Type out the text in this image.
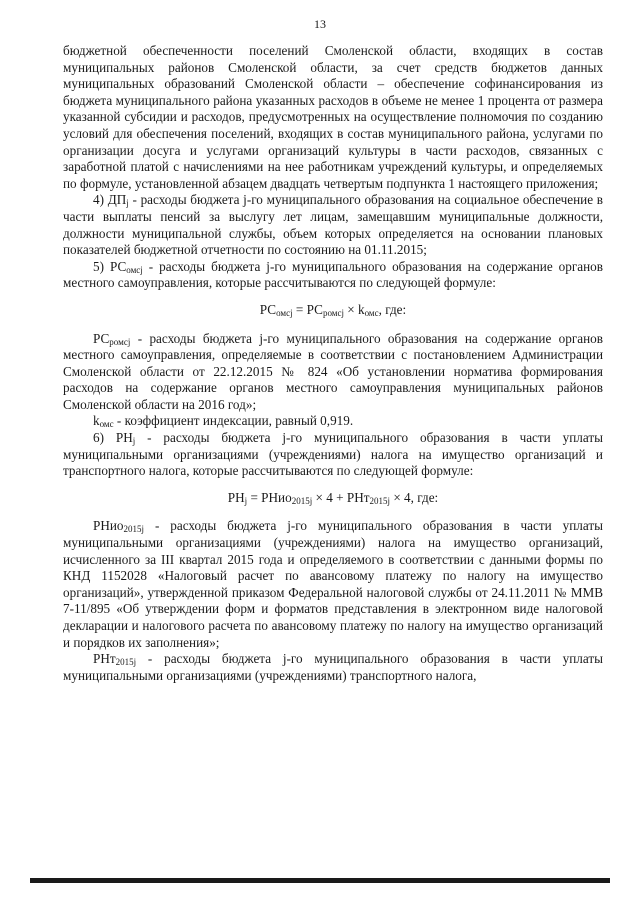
13

бюджетной обеспеченности поселений Смоленской области, входящих в состав муниципальных районов Смоленской области, за счет средств бюджетов данных муниципальных образований Смоленской области – обеспечение софинансирования из бюджета муниципального района указанных расходов в объеме не менее 1 процента от размера указанной субсидии и расходов, предусмотренных на осуществление полномочия по созданию условий для обеспечения поселений, входящих в состав муниципального района, услугами по организации досуга и услугами организаций культуры в части расходов, связанных с заработной платой с начислениями на нее работникам учреждений культуры, и определяемых по формуле, установленной абзацем двадцать четвертым подпункта 1 настоящего приложения;

4) $ДП_j$ - расходы бюджета j-го муниципального образования на социальное обеспечение в части выплаты пенсий за выслугу лет лицам, замещавшим муниципальные должности, должности муниципальной службы, объем которых определяется на основании плановых показателей бюджетной отчетности по состоянию на 01.11.2015;

5) $РС_{омсj}$ - расходы бюджета j-го муниципального образования на содержание органов местного самоуправления, которые рассчитываются по следующей формуле:

$РС_{омсj} = РС_{ромсj} \times k_{омс}$, где:

$РС_{ромсj}$ - расходы бюджета j-го муниципального образования на содержание органов местного самоуправления, определяемые в соответствии с постановлением Администрации Смоленской области от 22.12.2015 № 824 «Об установлении норматива формирования расходов на содержание органов местного самоуправления муниципальных районов Смоленской области на 2016 год»;

$k_{омс}$ - коэффициент индексации, равный 0,919.

6) $РН_j$ - расходы бюджета j-го муниципального образования в части уплаты муниципальными организациями (учреждениями) налога на имущество организаций и транспортного налога, которые рассчитываются по следующей формуле:

$РН_j$ = РНио$_{2015j}$ × 4 + РНт$_{2015j}$ × 4, где:

РНио$_{2015j}$ - расходы бюджета j-го муниципального образования в части уплаты муниципальными организациями (учреждениями) налога на имущество организаций, исчисленного за III квартал 2015 года и определяемого в соответствии с данными формы по КНД 1152028 «Налоговый расчет по авансовому платежу по налогу на имущество организаций», утвержденной приказом Федеральной налоговой службы от 24.11.2011 № ММВ 7-11/895 «Об утверждении форм и форматов представления в электронном виде налоговой декларации и налогового расчета по авансовому платежу по налогу на имущество организаций и порядков их заполнения»;

РНт$_{2015j}$ - расходы бюджета j-го муниципального образования в части уплаты муниципальными организациями (учреждениями) транспортного налога,
